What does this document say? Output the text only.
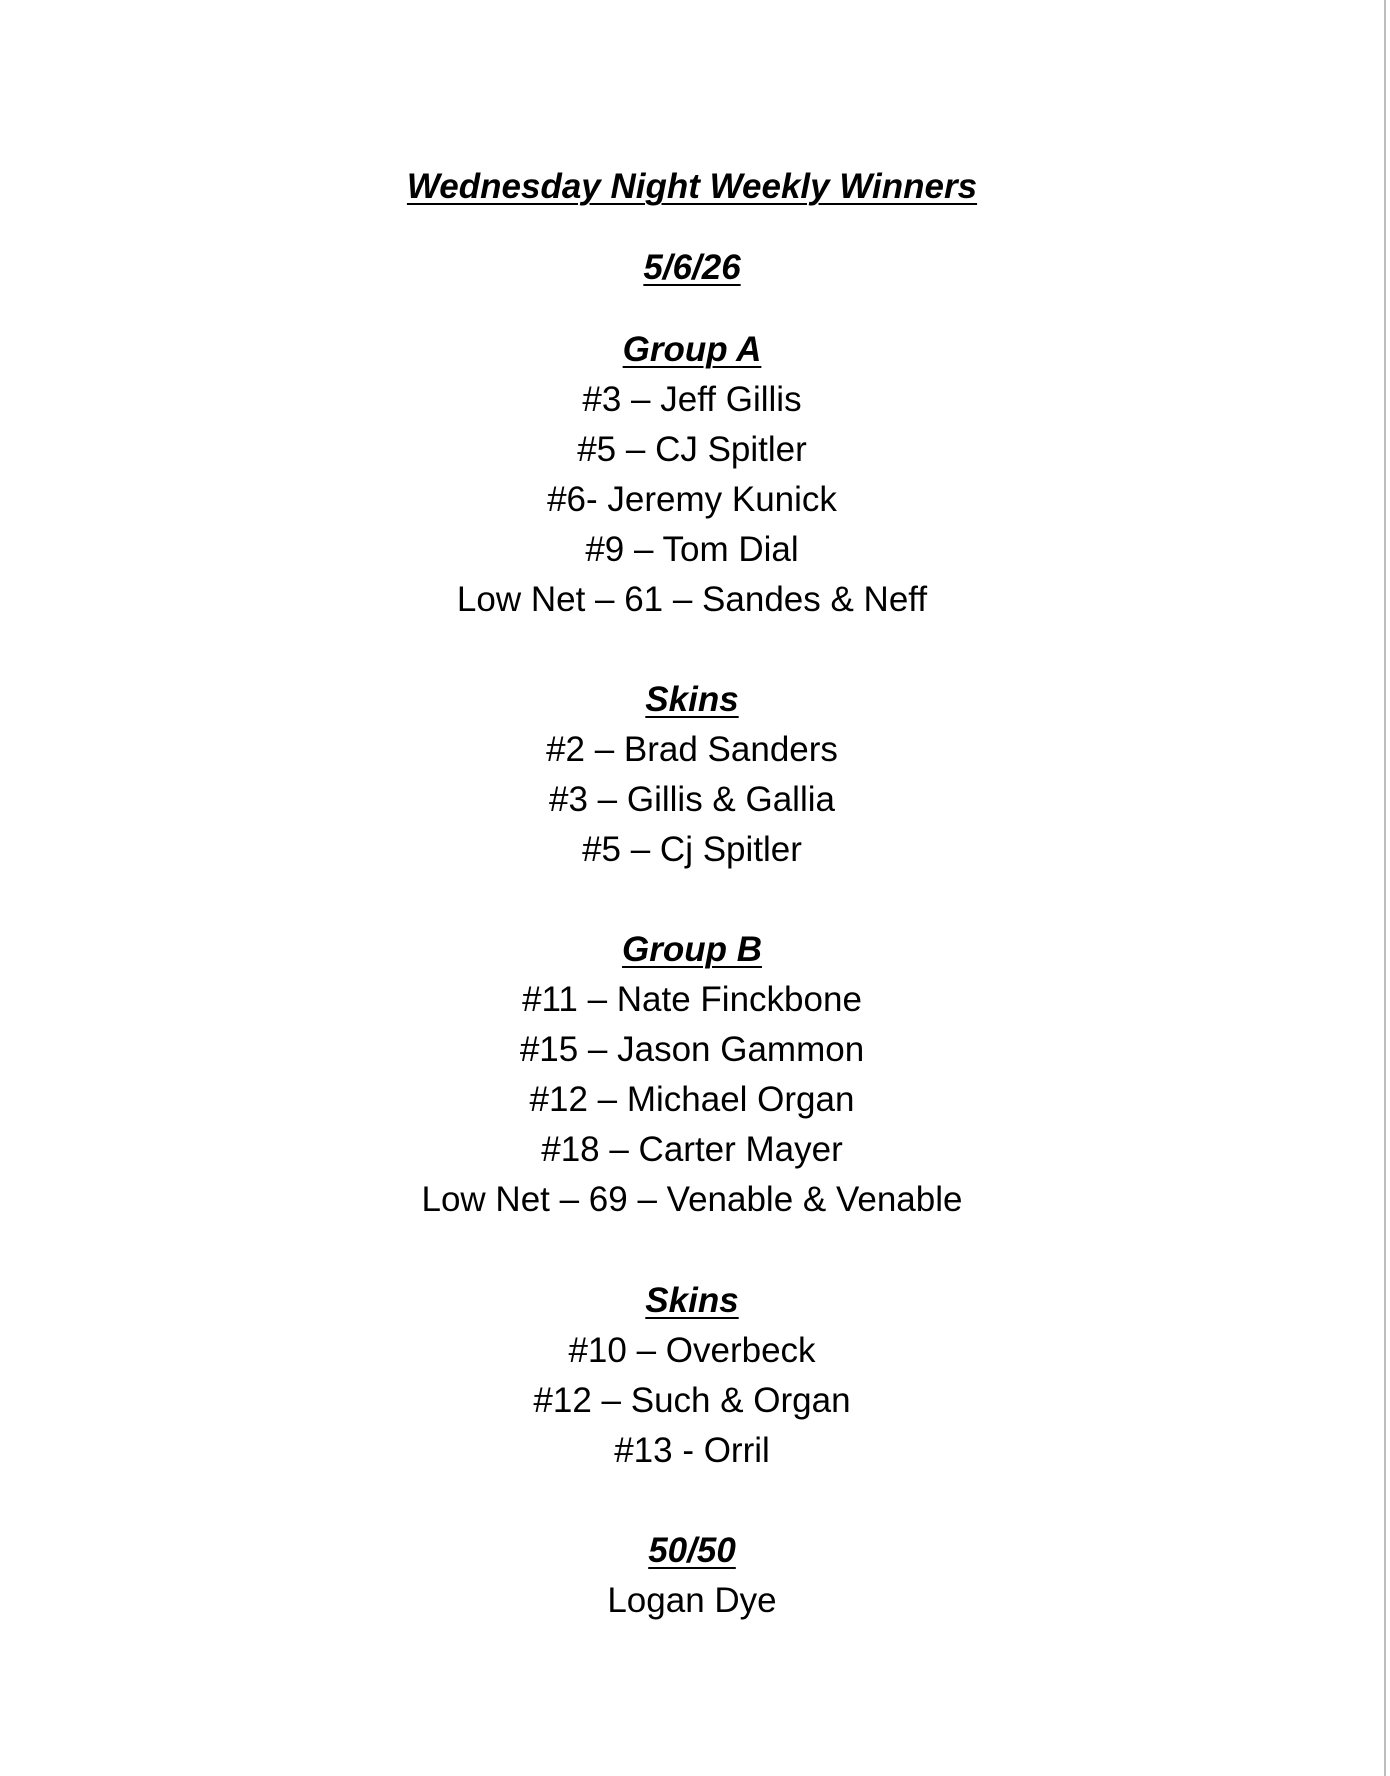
Wednesday Night Weekly Winners
5/6/26
Group A
#3 – Jeff Gillis
#5 – CJ Spitler
#6- Jeremy Kunick
#9 – Tom Dial
Low Net – 61 – Sandes & Neff
Skins
#2 – Brad Sanders
#3 – Gillis & Gallia
#5 – Cj Spitler
Group B
#11 – Nate Finckbone
#15 – Jason Gammon
#12 – Michael Organ
#18 – Carter Mayer
Low Net – 69 – Venable & Venable
Skins
#10 – Overbeck
#12 – Such & Organ
#13 - Orril
50/50
Logan Dye
